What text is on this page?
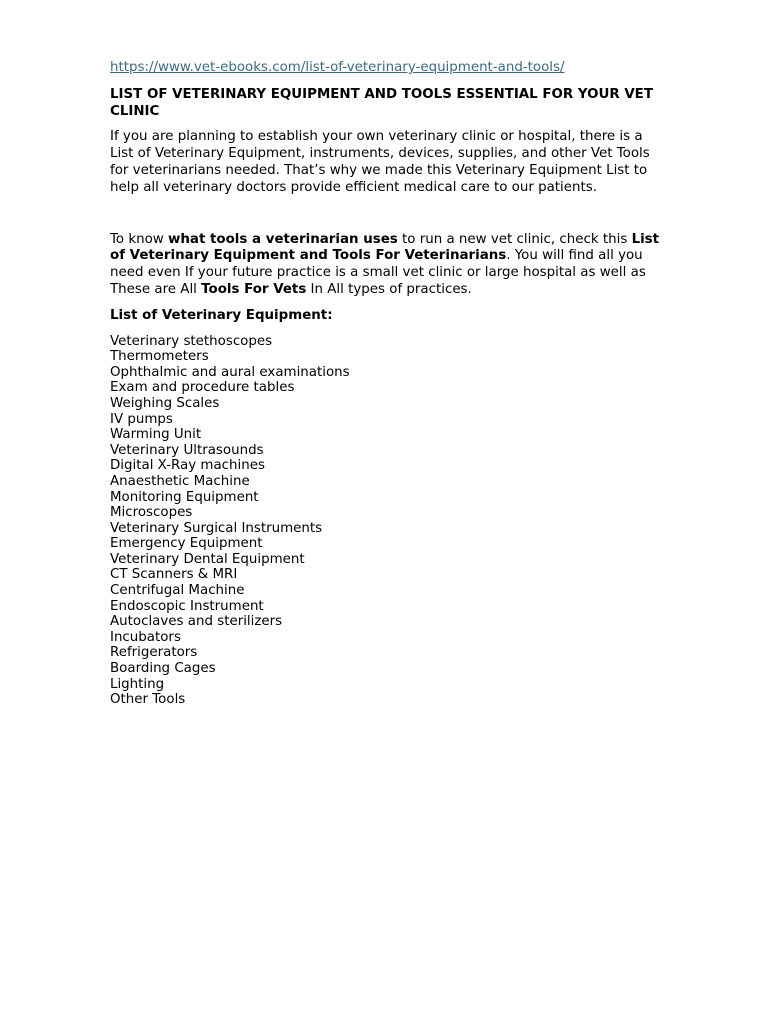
https://www.vet-ebooks.com/list-of-veterinary-equipment-and-tools/
LIST OF VETERINARY EQUIPMENT AND TOOLS ESSENTIAL FOR YOUR VET CLINIC

If you are planning to establish your own veterinary clinic or hospital, there is a List of Veterinary Equipment, instruments, devices, supplies, and other Vet Tools for veterinarians needed. That’s why we made this Veterinary Equipment List to help all veterinary doctors provide efficient medical care to our patients.

To know what tools a veterinarian uses to run a new vet clinic, check this List of Veterinary Equipment and Tools For Veterinarians. You will find all you need even If your future practice is a small vet clinic or large hospital as well as These are All Tools For Vets In All types of practices.

List of Veterinary Equipment:
Veterinary stethoscopes
Thermometers
Ophthalmic and aural examinations
Exam and procedure tables
Weighing Scales
IV pumps
Warming Unit
Veterinary Ultrasounds
Digital X-Ray machines
Anaesthetic Machine
Monitoring Equipment
Microscopes
Veterinary Surgical Instruments
Emergency Equipment
Veterinary Dental Equipment
CT Scanners & MRI
Centrifugal Machine
Endoscopic Instrument
Autoclaves and sterilizers
Incubators
Refrigerators
Boarding Cages
Lighting
Other Tools
